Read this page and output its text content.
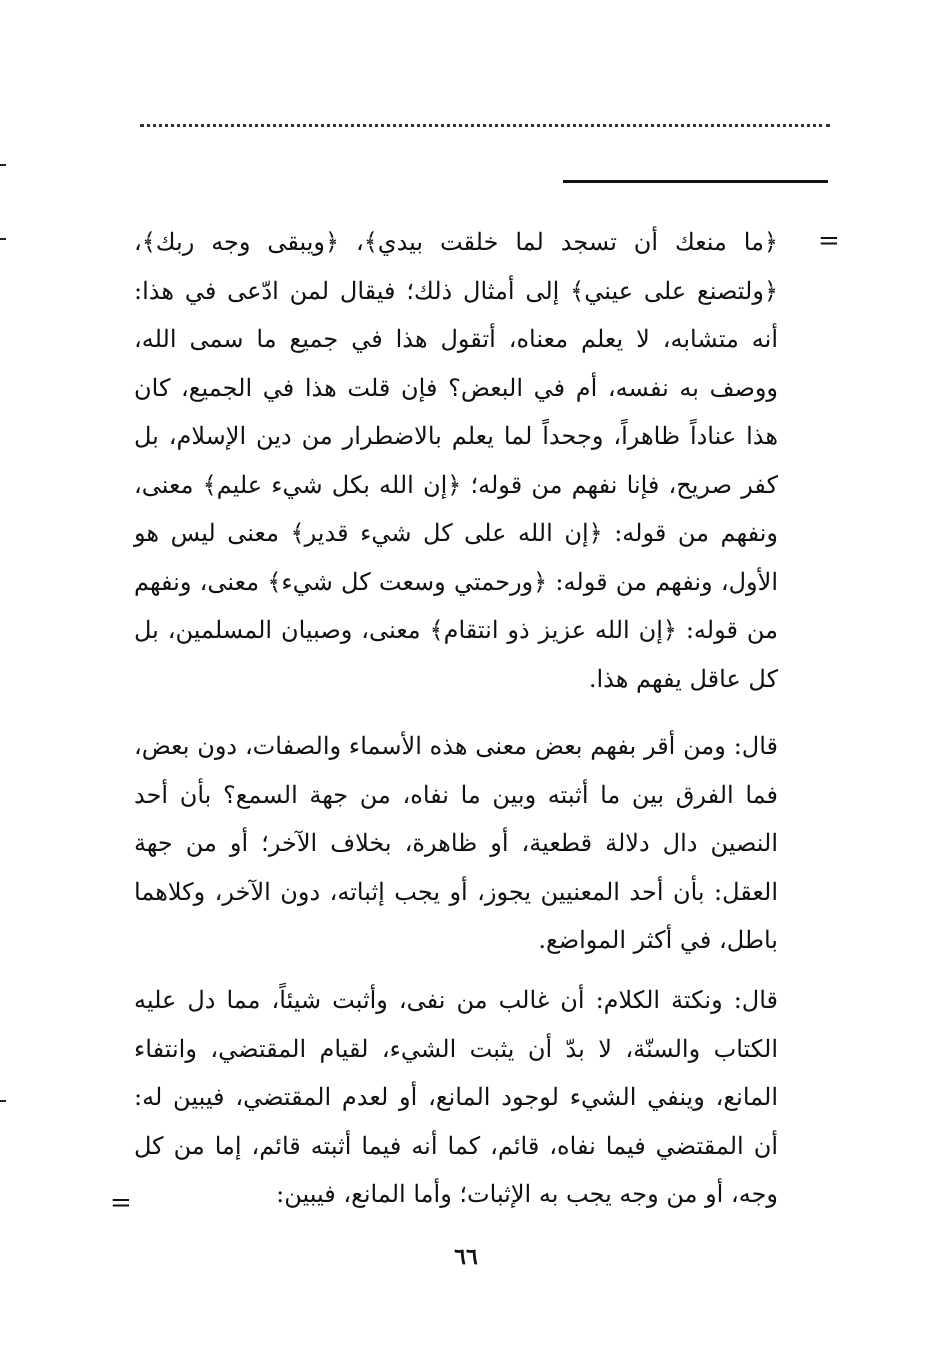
=

﴿ما منعك أن تسجد لما خلقت بيدي﴾، ﴿ويبقى وجه ربك﴾، ﴿ولتصنع على عيني﴾ إلى أمثال ذلك؛ فيقال لمن ادّعى في هذا: أنه متشابه، لا يعلم معناه، أتقول هذا في جميع ما سمى الله، ووصف به نفسه، أم في البعض؟ فإن قلت هذا في الجميع، كان هذا عناداً ظاهراً، وجحداً لما يعلم بالاضطرار من دين الإسلام، بل كفر صريح، فإنا نفهم من قوله؛ ﴿إن الله بكل شيء عليم﴾ معنى، ونفهم من قوله: ﴿إن الله على كل شيء قدير﴾ معنى ليس هو الأول، ونفهم من قوله: ﴿ورحمتي وسعت كل شيء﴾ معنى، ونفهم من قوله: ﴿إن الله عزيز ذو انتقام﴾ معنى، وصبيان المسلمين، بل كل عاقل يفهم هذا.

قال: ومن أقر بفهم بعض معنى هذه الأسماء والصفات، دون بعض، فما الفرق بين ما أثبته وبين ما نفاه، من جهة السمع؟ بأن أحد النصين دال دلالة قطعية، أو ظاهرة، بخلاف الآخر؛ أو من جهة العقل: بأن أحد المعنيين يجوز، أو يجب إثباته، دون الآخر، وكلاهما باطل، في أكثر المواضع.

قال: ونكتة الكلام: أن غالب من نفى، وأثبت شيئاً، مما دل عليه الكتاب والسنّة، لا بدّ أن يثبت الشيء، لقيام المقتضي، وانتفاء المانع، وينفي الشيء لوجود المانع، أو لعدم المقتضي، فيبين له: أن المقتضي فيما نفاه، قائم، كما أنه فيما أثبته قائم، إما من كل وجه، أو من وجه يجب به الإثبات؛ وأما المانع، فيبين:

=
٦٦
